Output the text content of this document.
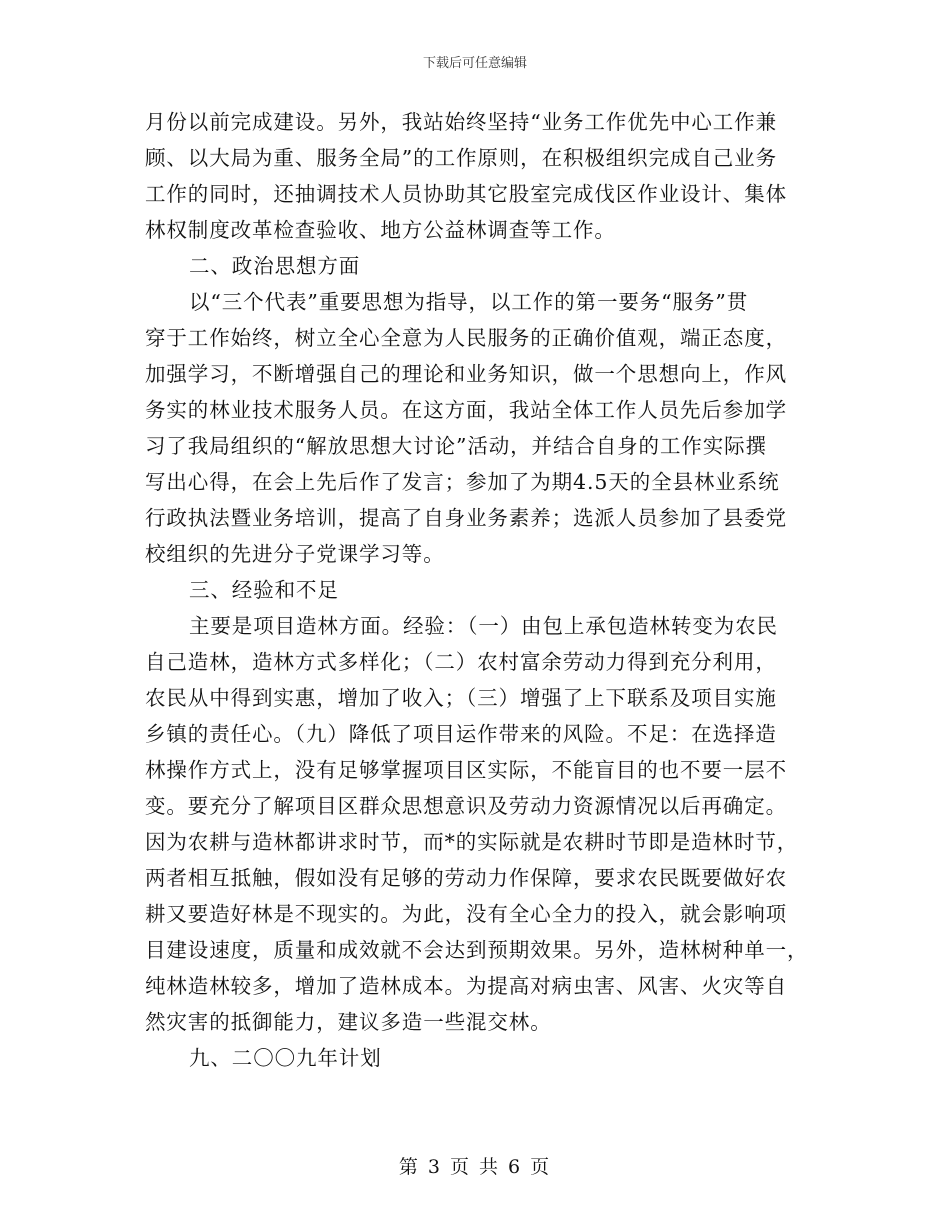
下载后可任意编辑
月份以前完成建设。另外，我站始终坚持“业务工作优先中心工作兼
顾、以大局为重、服务全局”的工作原则，在积极组织完成自己业务
工作的同时，还抽调技术人员协助其它股室完成伐区作业设计、集体
林权制度改革检查验收、地方公益林调查等工作。
二、政治思想方面
以“三个代表”重要思想为指导，以工作的第一要务“服务”贯
穿于工作始终，树立全心全意为人民服务的正确价值观，端正态度，
加强学习，不断增强自己的理论和业务知识，做一个思想向上，作风
务实的林业技术服务人员。在这方面，我站全体工作人员先后参加学
习了我局组织的“解放思想大讨论”活动，并结合自身的工作实际撰
写出心得，在会上先后作了发言；参加了为期4.5天的全县林业系统
行政执法暨业务培训，提高了自身业务素养；选派人员参加了县委党
校组织的先进分子党课学习等。
三、经验和不足
主要是项目造林方面。经验：（一）由包上承包造林转变为农民
自己造林，造林方式多样化；（二）农村富余劳动力得到充分利用，
农民从中得到实惠，增加了收入；（三）增强了上下联系及项目实施
乡镇的责任心。（九）降低了项目运作带来的风险。不足：在选择造
林操作方式上，没有足够掌握项目区实际，不能盲目的也不要一层不
变。要充分了解项目区群众思想意识及劳动力资源情况以后再确定。
因为农耕与造林都讲求时节，而*的实际就是农耕时节即是造林时节，
两者相互抵触，假如没有足够的劳动力作保障，要求农民既要做好农
耕又要造好林是不现实的。为此，没有全心全力的投入，就会影响项
目建设速度，质量和成效就不会达到预期效果。另外，造林树种单一，
纯林造林较多，增加了造林成本。为提高对病虫害、风害、火灾等自
然灾害的抵御能力，建议多造一些混交林。
九、二〇〇九年计划
第 3 页 共 6 页
